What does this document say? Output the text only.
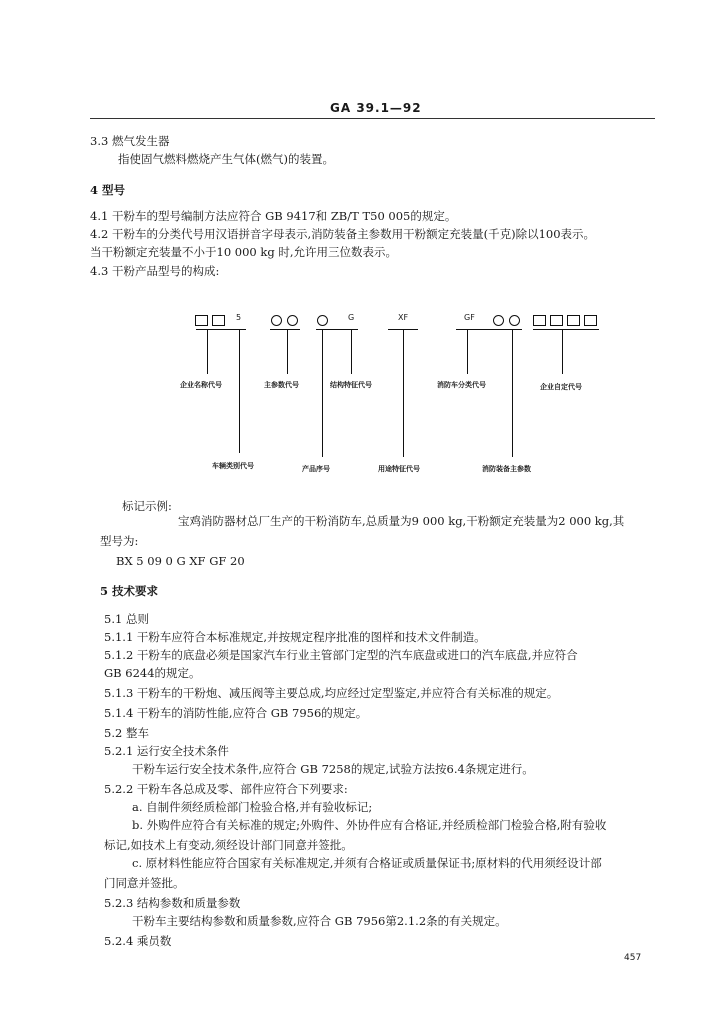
GA 39.1—92
3.3 燃气发生器
指使固气燃料燃烧产生气体(燃气)的装置。
4 型号
4.1 干粉车的型号编制方法应符合 GB 9417和 ZB/T T50 005的规定。
4.2 干粉车的分类代号用汉语拼音字母表示,消防装备主参数用干粉额定充装量(千克)除以100表示。
当干粉额定充装量不小于10 000 kg 时,允许用三位数表示。
4.3 干粉产品型号的构成:
标记示例:
宝鸡消防器材总厂生产的干粉消防车,总质量为9 000 kg,干粉额定充装量为2 000 kg,其
型号为:
BX 5 09 0 G XF GF 20
5 技术要求
5.1 总则
5.1.1 干粉车应符合本标准规定,并按规定程序批准的图样和技术文件制造。
5.1.2 干粉车的底盘必须是国家汽车行业主管部门定型的汽车底盘或进口的汽车底盘,并应符合
GB 6244的规定。
5.1.3 干粉车的干粉炮、减压阀等主要总成,均应经过定型鉴定,并应符合有关标准的规定。
5.1.4 干粉车的消防性能,应符合 GB 7956的规定。
5.2 整车
5.2.1 运行安全技术条件
干粉车运行安全技术条件,应符合 GB 7258的规定,试验方法按6.4条规定进行。
5.2.2 干粉车各总成及零、部件应符合下列要求:
a. 自制件须经质检部门检验合格,并有验收标记;
b. 外购件应符合有关标准的规定;外购件、外协件应有合格证,并经质检部门检验合格,附有验收
标记,如技术上有变动,须经设计部门同意并签批。
c. 原材料性能应符合国家有关标准规定,并须有合格证或质量保证书;原材料的代用须经设计部
门同意并签批。
5.2.3 结构参数和质量参数
干粉车主要结构参数和质量参数,应符合 GB 7956第2.1.2条的有关规定。
5.2.4 乘员数
5	G	XF	GF
企业名称代号	主参数代号	结构特征代号	消防车分类代号	企业自定代号
车辆类别代号	产品序号	用途特征代号	消防装备主参数
457
